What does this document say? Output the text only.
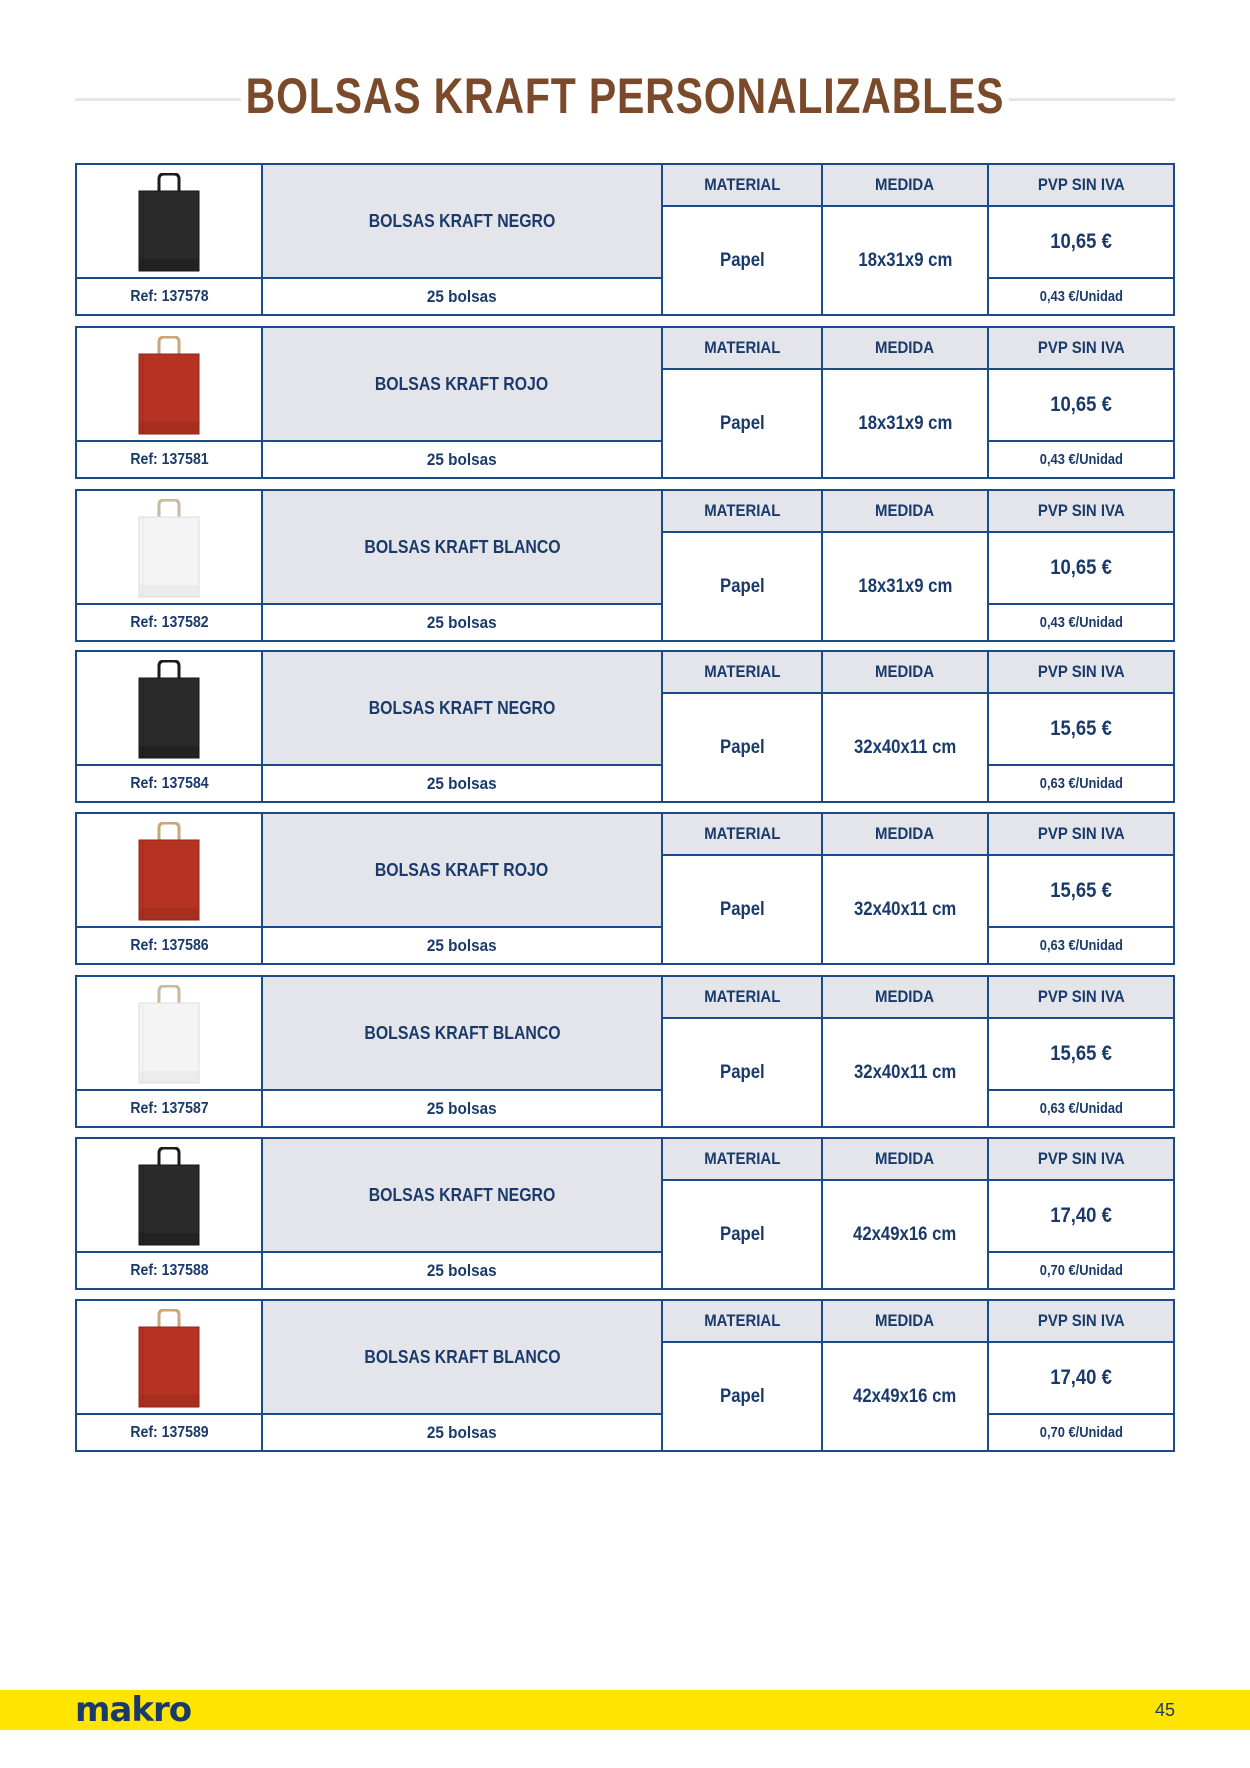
BOLSAS KRAFT PERSONALIZABLES
BOLSAS KRAFT NEGRO
Ref: 137578	25 bolsas
MATERIAL	MEDIDA	PVP SIN IVA
Papel	18x31x9 cm
10,65 €
0,43 €/Unidad
BOLSAS KRAFT ROJO
Ref: 137581	25 bolsas
MATERIAL	MEDIDA	PVP SIN IVA
Papel	18x31x9 cm
10,65 €
0,43 €/Unidad
BOLSAS KRAFT BLANCO
Ref: 137582	25 bolsas
MATERIAL	MEDIDA	PVP SIN IVA
Papel	18x31x9 cm
10,65 €
0,43 €/Unidad
BOLSAS KRAFT NEGRO
Ref: 137584	25 bolsas
MATERIAL	MEDIDA	PVP SIN IVA
Papel	32x40x11 cm
15,65 €
0,63 €/Unidad
BOLSAS KRAFT ROJO
Ref: 137586	25 bolsas
MATERIAL	MEDIDA	PVP SIN IVA
Papel	32x40x11 cm
15,65 €
0,63 €/Unidad
BOLSAS KRAFT BLANCO
Ref: 137587	25 bolsas
MATERIAL	MEDIDA	PVP SIN IVA
Papel	32x40x11 cm
15,65 €
0,63 €/Unidad
BOLSAS KRAFT NEGRO
Ref: 137588	25 bolsas
MATERIAL	MEDIDA	PVP SIN IVA
Papel	42x49x16 cm
17,40 €
0,70 €/Unidad
BOLSAS KRAFT BLANCO
Ref: 137589	25 bolsas
MATERIAL	MEDIDA	PVP SIN IVA
Papel	42x49x16 cm
17,40 €
0,70 €/Unidad
makro	45
